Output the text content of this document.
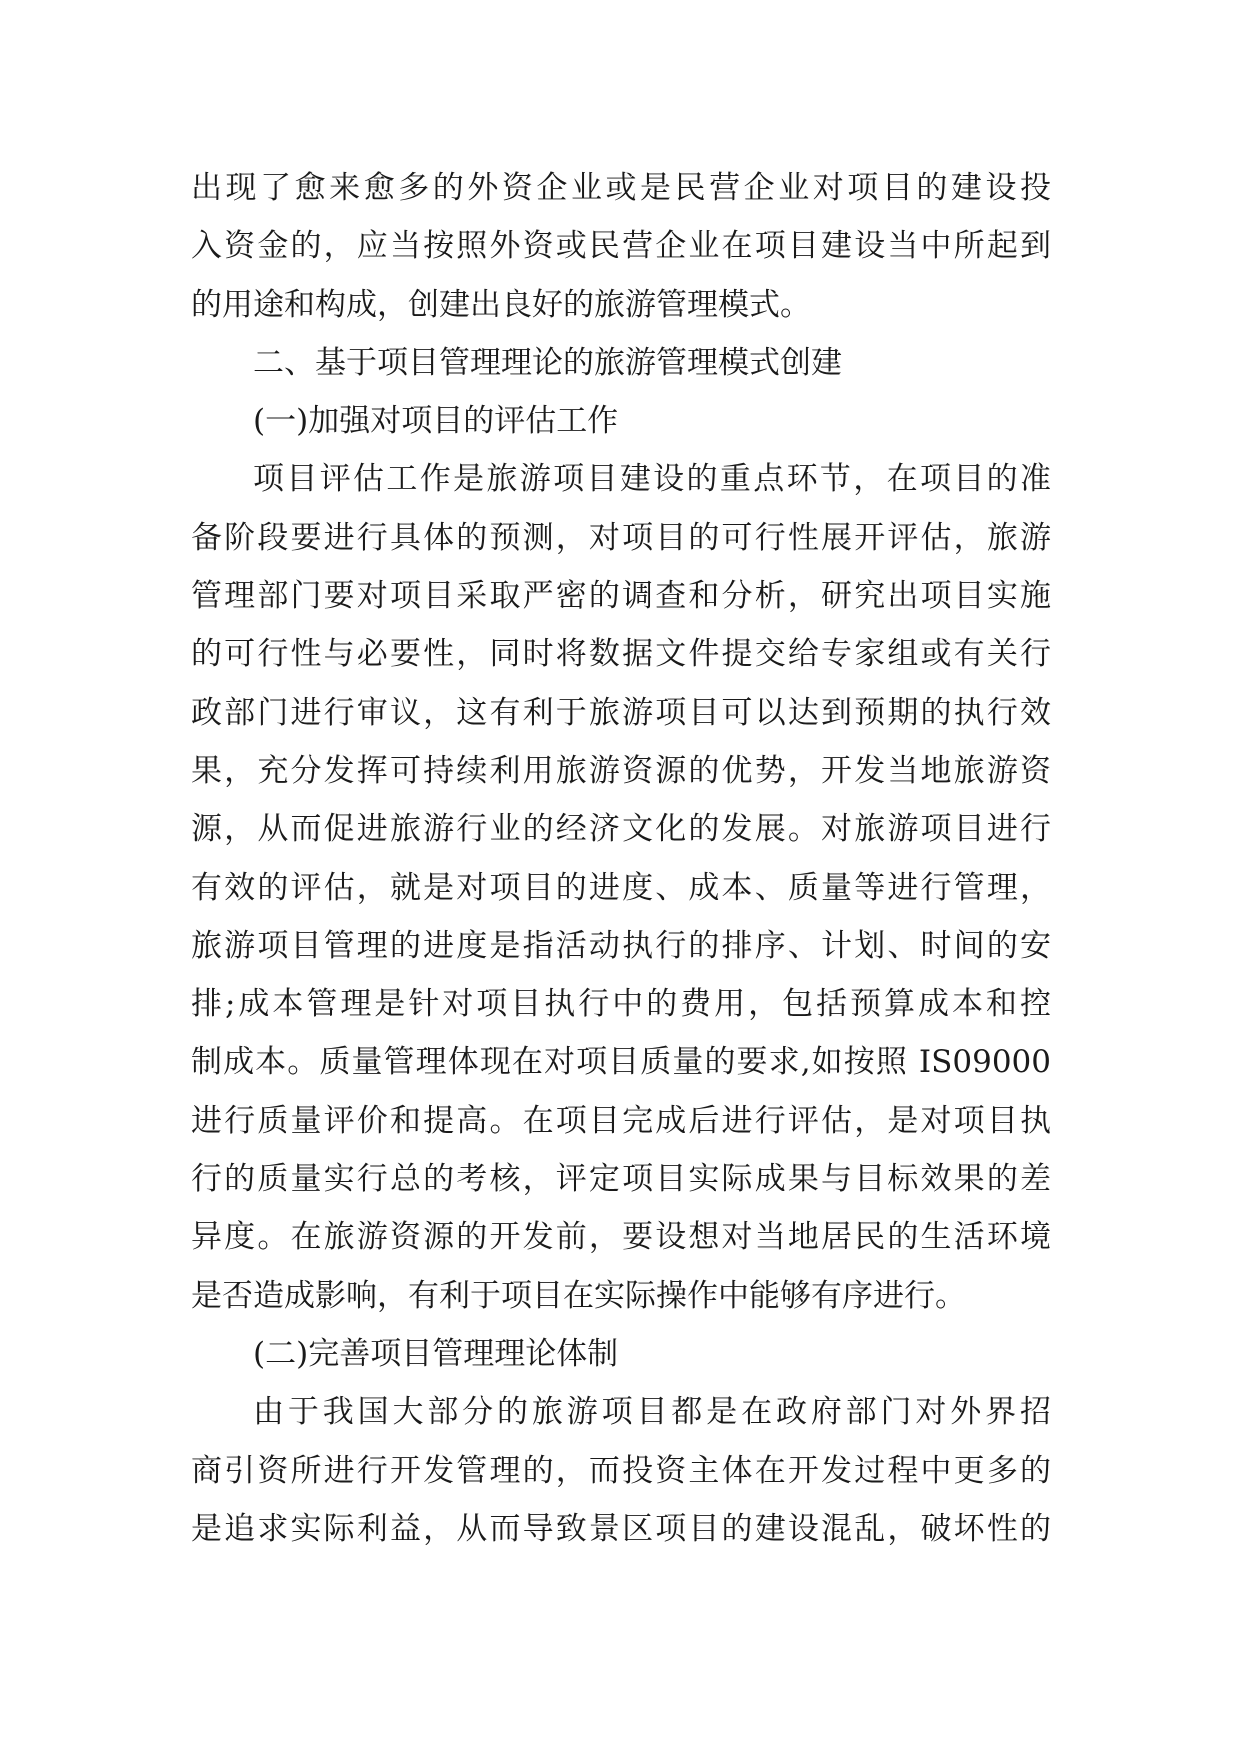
出现了愈来愈多的外资企业或是民营企业对项目的建设投
入资金的，应当按照外资或民营企业在项目建设当中所起到
的用途和构成，创建出良好的旅游管理模式。
二、基于项目管理理论的旅游管理模式创建
(一)加强对项目的评估工作
项目评估工作是旅游项目建设的重点环节，在项目的准
备阶段要进行具体的预测，对项目的可行性展开评估，旅游
管理部门要对项目采取严密的调查和分析，研究出项目实施
的可行性与必要性，同时将数据文件提交给专家组或有关行
政部门进行审议，这有利于旅游项目可以达到预期的执行效
果，充分发挥可持续利用旅游资源的优势，开发当地旅游资
源，从而促进旅游行业的经济文化的发展。对旅游项目进行
有效的评估，就是对项目的进度、成本、质量等进行管理，
旅游项目管理的进度是指活动执行的排序、计划、时间的安
排;成本管理是针对项目执行中的费用，包括预算成本和控
制成本。质量管理体现在对项目质量的要求,如按照 IS09000
进行质量评价和提高。在项目完成后进行评估，是对项目执
行的质量实行总的考核，评定项目实际成果与目标效果的差
异度。在旅游资源的开发前，要设想对当地居民的生活环境
是否造成影响，有利于项目在实际操作中能够有序进行。
(二)完善项目管理理论体制
由于我国大部分的旅游项目都是在政府部门对外界招
商引资所进行开发管理的，而投资主体在开发过程中更多的
是追求实际利益，从而导致景区项目的建设混乱，破坏性的
